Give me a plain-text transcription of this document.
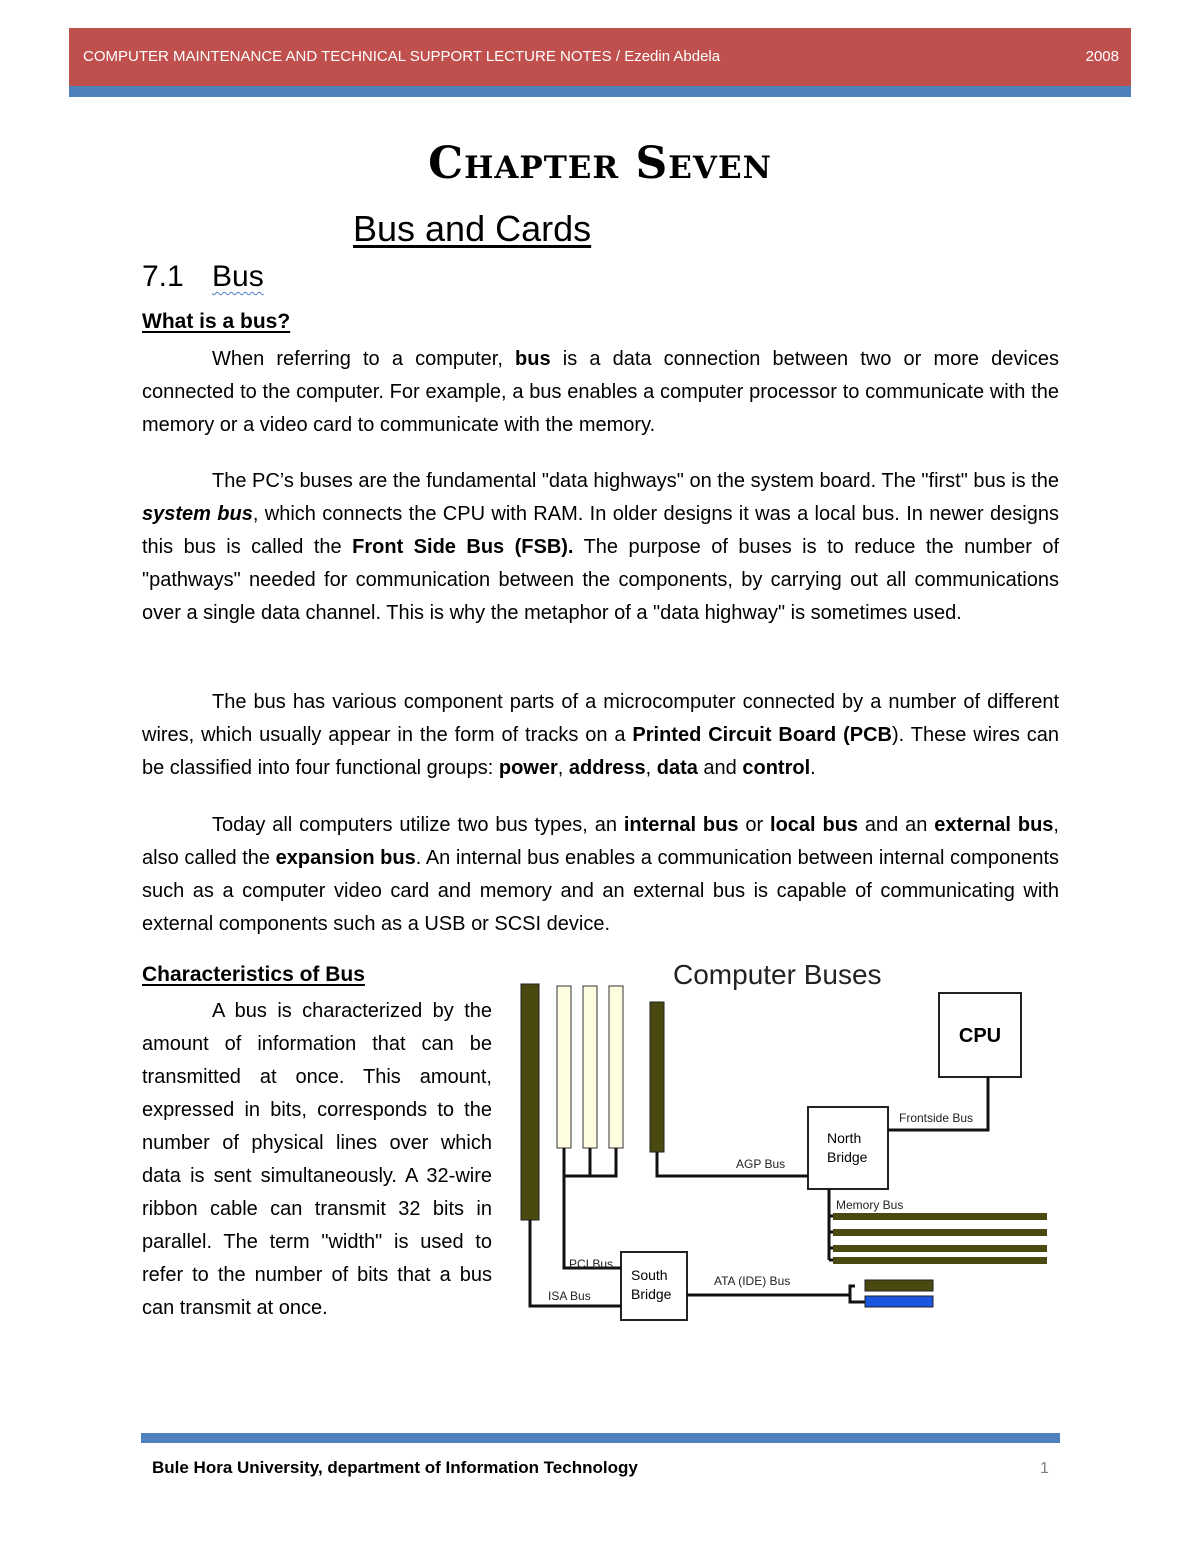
COMPUTER MAINTENANCE AND TECHNICAL SUPPORT LECTURE NOTES / Ezedin Abdela	2008
Chapter Seven
Bus and Cards
7.1 Bus
What is a bus?

When referring to a computer, bus is a data connection between two or more devices connected to the computer. For example, a bus enables a computer processor to communicate with the memory or a video card to communicate with the memory.

The PC’s buses are the fundamental "data highways" on the system board. The "first" bus is the system bus, which connects the CPU with RAM. In older designs it was a local bus. In newer designs this bus is called the Front Side Bus (FSB). The purpose of buses is to reduce the number of "pathways" needed for communication between the components, by carrying out all communications over a single data channel. This is why the metaphor of a "data highway" is sometimes used.

The bus has various component parts of a microcomputer connected by a number of different wires, which usually appear in the form of tracks on a Printed Circuit Board (PCB). These wires can be classified into four functional groups: power, address, data and control.

Today all computers utilize two bus types, an internal bus or local bus and an external bus, also called the expansion bus. An internal bus enables a communication between internal components such as a computer video card and memory and an external bus is capable of communicating with external components such as a USB or SCSI device.

Characteristics of Bus

A bus is characterized by the amount of information that can be transmitted at once. This amount, expressed in bits, corresponds to the number of physical lines over which data is sent simultaneously. A 32-wire ribbon cable can transmit 32 bits in parallel. The term "width" is used to refer to the number of bits that a bus can transmit at once.

Computer Buses
CPU
North
Bridge
South
Bridge
Frontside Bus
AGP Bus
Memory Bus
PCI Bus
ISA Bus
ATA (IDE) Bus
Bule Hora University, department of Information Technology	1
